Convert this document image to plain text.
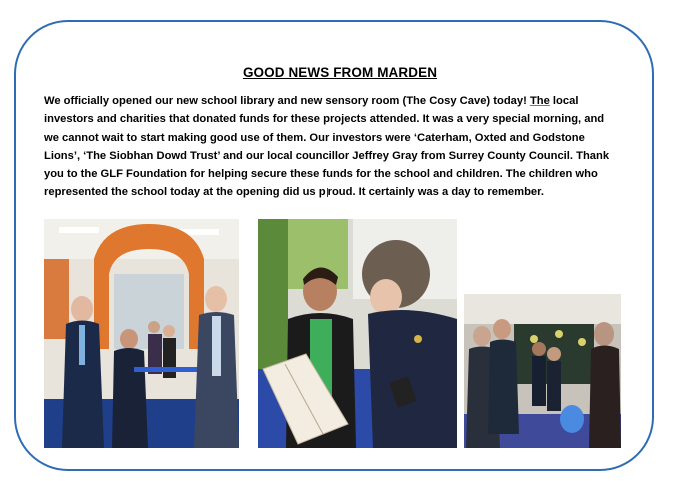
GOOD NEWS FROM MARDEN
We officially opened our new school library and new sensory room (The Cosy Cave) today! The local
investors and charities that donated funds for these projects attended. It was a very special morning, and
we cannot wait to start making good use of them. Our investors were ‘Caterham, Oxted and Godstone
Lions’, ‘The Siobhan Dowd Trust’ and our local councillor Jeffrey Gray from Surrey County Council. Thank
you to the GLF Foundation for helping secure these funds for the school and children. The children who
represented the school today at the opening did us p roud. It certainly was a day to remember.
